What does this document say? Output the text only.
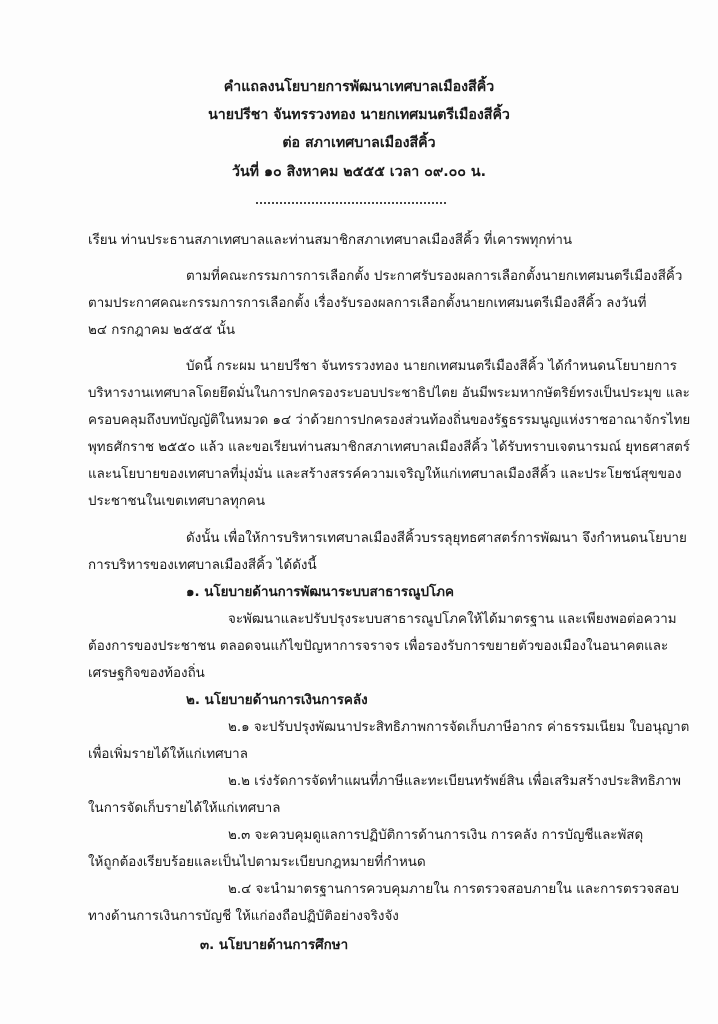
คำแถลงนโยบายการพัฒนาเทศบาลเมืองสีคิ้ว
นายปรีชา จันทรรวงทอง นายกเทศมนตรีเมืองสีคิ้ว
ต่อ สภาเทศบาลเมืองสีคิ้ว
วันที่ ๑๐ สิงหาคม ๒๕๕๕ เวลา ๐๙.๐๐ น.
เรียน ท่านประธานสภาเทศบาลและท่านสมาชิกสภาเทศบาลเมืองสีคิ้ว ที่เคารพทุกท่าน
ตามที่คณะกรรมการการเลือกตั้ง ประกาศรับรองผลการเลือกตั้งนายกเทศมนตรีเมืองสีคิ้ว
ตามประกาศคณะกรรมการการเลือกตั้ง เรื่องรับรองผลการเลือกตั้งนายกเทศมนตรีเมืองสีคิ้ว ลงวันที่
๒๔ กรกฎาคม ๒๕๕๕ นั้น
บัดนี้ กระผม นายปรีชา จันทรรวงทอง นายกเทศมนตรีเมืองสีคิ้ว ได้กำหนดนโยบายการ
บริหารงานเทศบาลโดยยึดมั่นในการปกครองระบอบประชาธิปไตย อันมีพระมหากษัตริย์ทรงเป็นประมุข และ
ครอบคลุมถึงบทบัญญัติในหมวด ๑๔ ว่าด้วยการปกครองส่วนท้องถิ่นของรัฐธรรมนูญแห่งราชอาณาจักรไทย
พุทธศักราช ๒๕๕๐ แล้ว และขอเรียนท่านสมาชิกสภาเทศบาลเมืองสีคิ้ว ได้รับทราบเจตนารมณ์ ยุทธศาสตร์
และนโยบายของเทศบาลที่มุ่งมั่น และสร้างสรรค์ความเจริญให้แก่เทศบาลเมืองสีคิ้ว และประโยชน์สุขของ
ประชาชนในเขตเทศบาลทุกคน
ดังนั้น เพื่อให้การบริหารเทศบาลเมืองสีคิ้วบรรลุยุทธศาสตร์การพัฒนา จึงกำหนดนโยบาย
การบริหารของเทศบาลเมืองสีคิ้ว ได้ดังนี้
๑. นโยบายด้านการพัฒนาระบบสาธารณูปโภค
จะพัฒนาและปรับปรุงระบบสาธารณูปโภคให้ได้มาตรฐาน และเพียงพอต่อความ
ต้องการของประชาชน ตลอดจนแก้ไขปัญหาการจราจร เพื่อรองรับการขยายตัวของเมืองในอนาคตและ
เศรษฐกิจของท้องถิ่น
๒. นโยบายด้านการเงินการคลัง
๒.๑ จะปรับปรุงพัฒนาประสิทธิภาพการจัดเก็บภาษีอากร ค่าธรรมเนียม ใบอนุญาต
เพื่อเพิ่มรายได้ให้แก่เทศบาล
๒.๒ เร่งรัดการจัดทำแผนที่ภาษีและทะเบียนทรัพย์สิน เพื่อเสริมสร้างประสิทธิภาพ
ในการจัดเก็บรายได้ให้แก่เทศบาล
๒.๓ จะควบคุมดูแลการปฏิบัติการด้านการเงิน การคลัง การบัญชีและพัสดุ
ให้ถูกต้องเรียบร้อยและเป็นไปตามระเบียบกฎหมายที่กำหนด
๒.๔ จะนำมาตรฐานการควบคุมภายใน การตรวจสอบภายใน และการตรวจสอบ
ทางด้านการเงินการบัญชี ให้แก่องถือปฏิบัติอย่างจริงจัง
๓. นโยบายด้านการศึกษา
